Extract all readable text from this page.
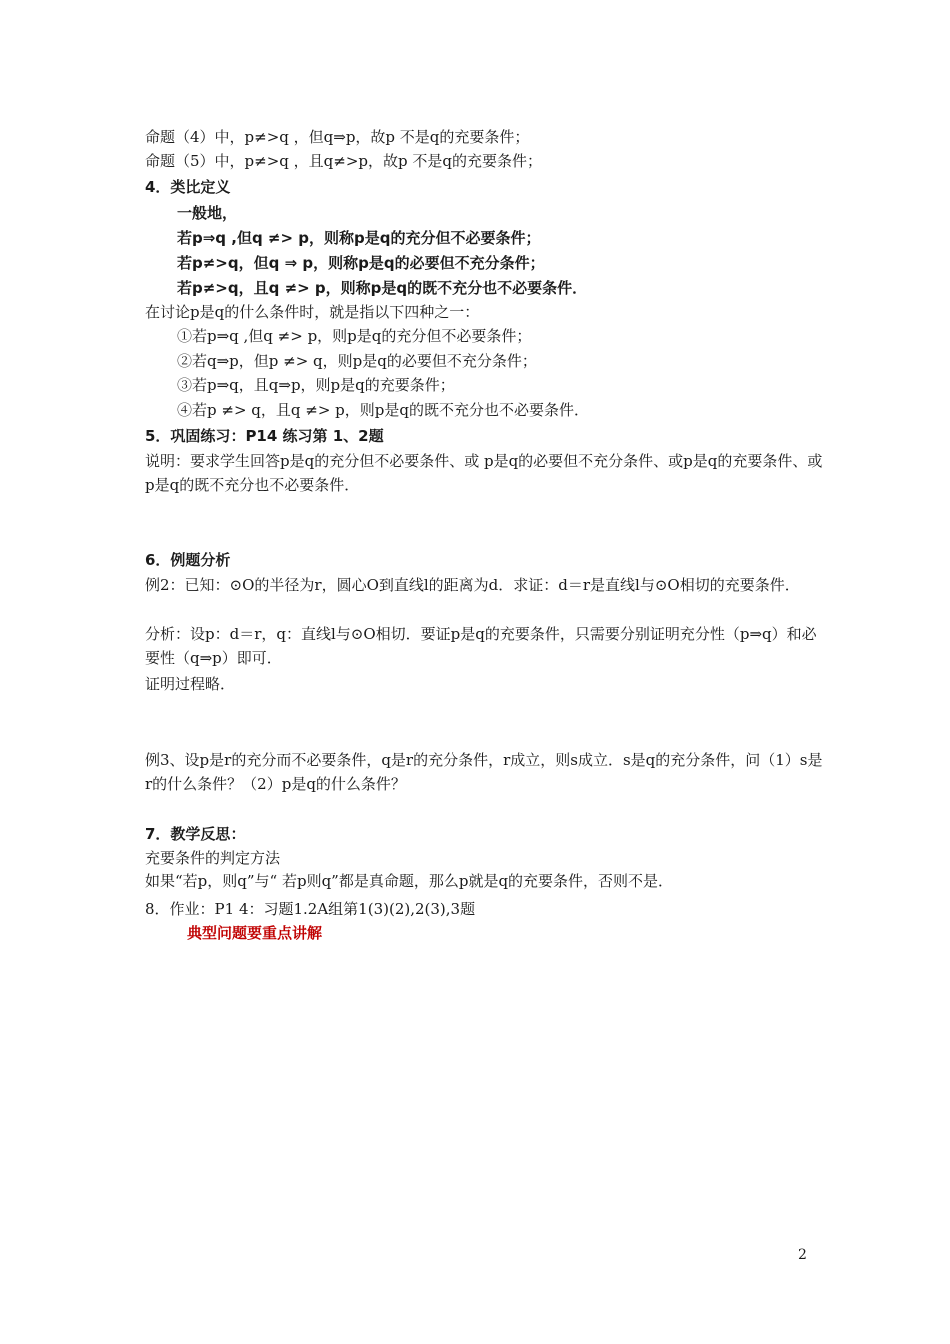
命题（4）中，p≠>q ，但q⇒p，故p 不是q的充要条件；
命题（5）中，p≠>q ，且q≠>p，故p 不是q的充要条件；
4．类比定义
一般地，
若p⇒q ,但q ≠> p，则称p是q的充分但不必要条件；
若p≠>q，但q ⇒ p，则称p是q的必要但不充分条件；
若p≠>q，且q ≠> p，则称p是q的既不充分也不必要条件．
在讨论p是q的什么条件时，就是指以下四种之一：
①若p⇒q ,但q ≠> p，则p是q的充分但不必要条件；
②若q⇒p，但p ≠> q，则p是q的必要但不充分条件；
③若p⇒q，且q⇒p，则p是q的充要条件；
④若p ≠> q，且q ≠> p，则p是q的既不充分也不必要条件．
5．巩固练习：P14 练习第 1、2题
说明：要求学生回答p是q的充分但不必要条件、或 p是q的必要但不充分条件、或p是q的充要条件、或p是q的既不充分也不必要条件．
6．例题分析
例2：已知：⊙O的半径为r，圆心O到直线l的距离为d．求证：d＝r是直线l与⊙O相切的充要条件．
分析：设p：d＝r，q：直线l与⊙O相切．要证p是q的充要条件，只需要分别证明充分性（p⇒q）和必要性（q⇒p）即可．
证明过程略．
例3、设p是r的充分而不必要条件，q是r的充分条件，r成立，则s成立．s是q的充分条件，问（1）s是r的什么条件？（2）p是q的什么条件？
7．教学反思：
充要条件的判定方法
如果“若p，则q”与“ 若p则q”都是真命题，那么p就是q的充要条件，否则不是．
8．作业：P1 4：习题1.2A组第1(3)(2),2(3),3题
典型问题要重点讲解
2
